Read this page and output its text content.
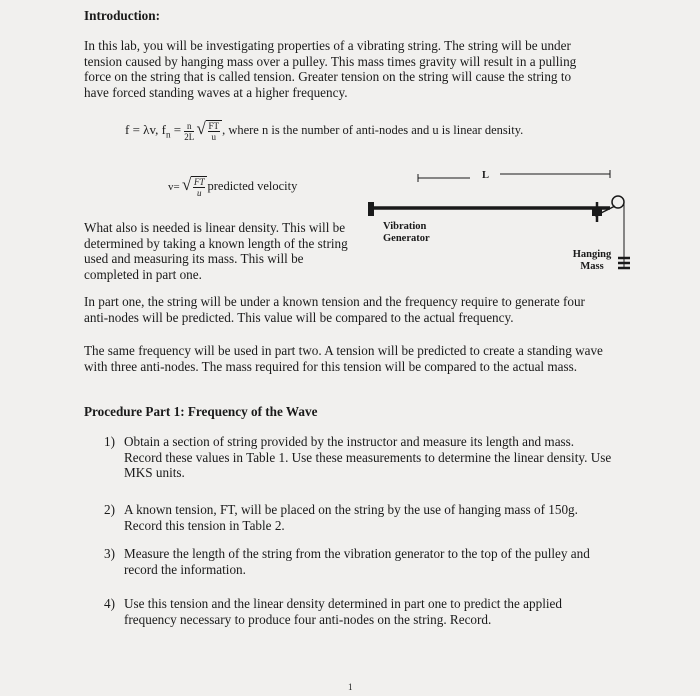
Introduction:
In this lab, you will be investigating properties of a vibrating string. The string will be under tension caused by hanging mass over a pulley. This mass times gravity will result in a pulling force on the string that is called tension. Greater tension on the string will cause the string to have forced standing waves at a higher frequency.
f = λv, $f_n = \frac{n}{2L}$
√ $\frac{FT}{u}$ , where n is the number of anti-nodes and u is linear density.
v= √ $\frac{FT}{u}$ predicted velocity
What also is needed is linear density. This will be determined by taking a known length of the string used and measuring its mass. This will be completed in part one.
L
Vibration Generator
Hanging Mass
In part one, the string will be under a known tension and the frequency require to generate four anti-nodes will be predicted. This value will be compared to the actual frequency.
The same frequency will be used in part two. A tension will be predicted to create a standing wave with three anti-nodes. The mass required for this tension will be compared to the actual mass.
Procedure Part 1: Frequency of the Wave
1) Obtain a section of string provided by the instructor and measure its length and mass. Record these values in Table 1. Use these measurements to determine the linear density. Use MKS units.
2) A known tension, FT, will be placed on the string by the use of hanging mass of 150g. Record this tension in Table 2.
3) Measure the length of the string from the vibration generator to the top of the pulley and record the information.
4) Use this tension and the linear density determined in part one to predict the applied frequency necessary to produce four anti-nodes on the string. Record.
1
